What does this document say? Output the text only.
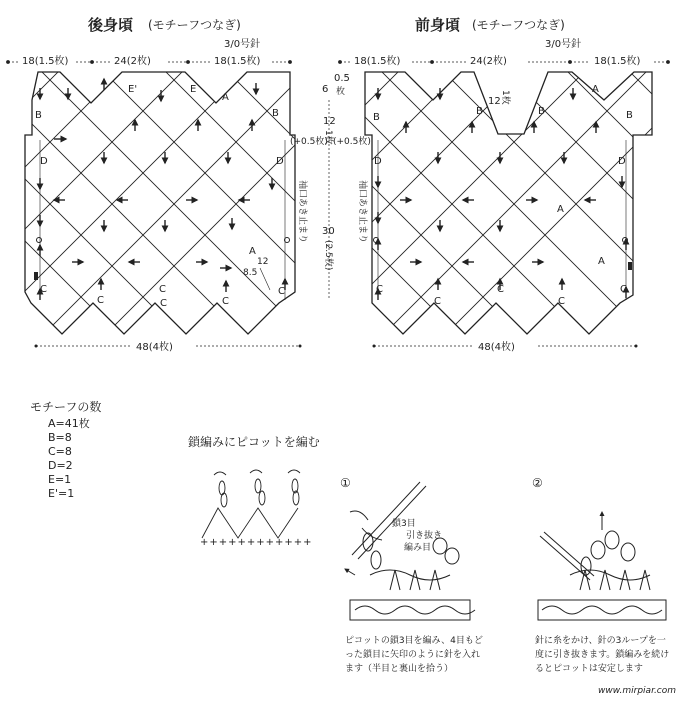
後身頃 (モチーフつなぎ)
3/0号針
18(1.5枚)	24(2枚)	18(1.5枚)
B
E'	E
A
B
D	D
A
C
C
C
C	C
C
12
8.5
袖口あき止まり
48(4枚)
0.5
枚
6
12
1枚
(+0.5枚) (+0.5枚)
30
(2.5枚)
12 1枚
前身頃 (モチーフつなぎ)
3/0号針
18(1.5枚)	24(2枚)	18(1.5枚)
B
A
B
B	B
D	D
A
A
C
C
C
C
C
袖口あき止まり
48(4枚)
モチーフの数
A=41枚
B=8
C=8
D=2
E=1
E'=1
鎖編みにピコットを編む
++++++++++++
①
鎖3目
引き抜き
編み目
ピコットの鎖3目を編み、4目もど
った鎖目に矢印のように針を入れ
ます（半目と裏山を拾う）
②
針に糸をかけ、針の3ループを一
度に引き抜きます。鎖編みを続け
るとピコットは安定します
www.mirpiar.com
